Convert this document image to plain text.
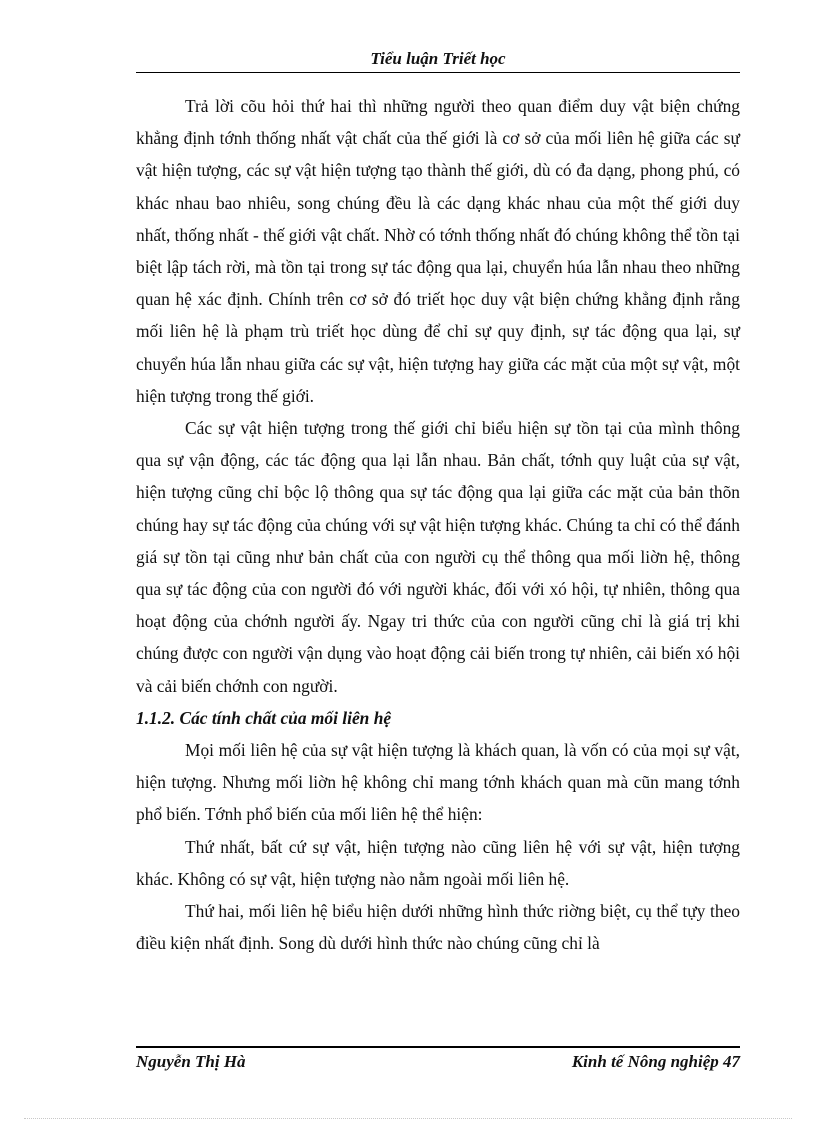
Tiểu luận Triết học

Trả lời cõu hỏi thứ hai thì những người theo quan điểm duy vật biện chứng khẳng định tớnh thống nhất vật chất của thế giới là cơ sở của mối liên hệ giữa các sự vật hiện tượng, các sự vật hiện tượng tạo thành thế giới, dù có đa dạng, phong phú, có khác nhau bao nhiêu, song chúng đều là các dạng khác nhau của một thế giới duy nhất, thống nhất - thế giới vật chất. Nhờ có tớnh thống nhất đó chúng không thể tồn tại biệt lập tách rời, mà tồn tại trong sự tác động qua lại, chuyển húa lẫn nhau theo những quan hệ xác định. Chính trên cơ sở đó triết học duy vật biện chứng khẳng định rằng mối liên hệ là phạm trù triết học dùng để chỉ sự quy định, sự tác động qua lại, sự chuyển húa lẫn nhau giữa các sự vật, hiện tượng hay giữa các mặt của một sự vật, một hiện tượng trong thế giới.

Các sự vật hiện tượng trong thế giới chỉ biểu hiện sự tồn tại của mình thông qua sự vận động, các tác động qua lại lẫn nhau. Bản chất, tớnh quy luật của sự vật, hiện tượng cũng chỉ bộc lộ thông qua sự tác động qua lại giữa các mặt của bản thõn chúng hay sự tác động của chúng với sự vật hiện tượng khác. Chúng ta chỉ có thể đánh giá sự tồn tại cũng như bản chất của con người cụ thể thông qua mối liờn hệ, thông qua sự tác động của con người đó với người khác, đối với xó hội, tự nhiên, thông qua hoạt động của chớnh người ấy. Ngay tri thức của con người cũng chỉ là giá trị khi chúng được con người vận dụng vào hoạt động cải biến trong tự nhiên, cải biến xó hội và cải biến chớnh con người.

1.1.2. Các tính chất của mối liên hệ

Mọi mối liên hệ của sự vật hiện tượng là khách quan, là vốn có của mọi sự vật, hiện tượng. Nhưng mối liờn hệ không chỉ mang tớnh khách quan mà cũn mang tớnh phổ biến. Tớnh phổ biến của mối liên hệ thể hiện:

Thứ nhất, bất cứ sự vật, hiện tượng nào cũng liên hệ với sự vật, hiện tượng khác. Không có sự vật, hiện tượng nào nằm ngoài mối liên hệ.

Thứ hai, mối liên hệ biểu hiện dưới những hình thức riờng biệt, cụ thể tựy theo điều kiện nhất định. Song dù dưới hình thức nào chúng cũng chỉ là

Nguyễn Thị Hà	Kinh tế Nông nghiệp 47
